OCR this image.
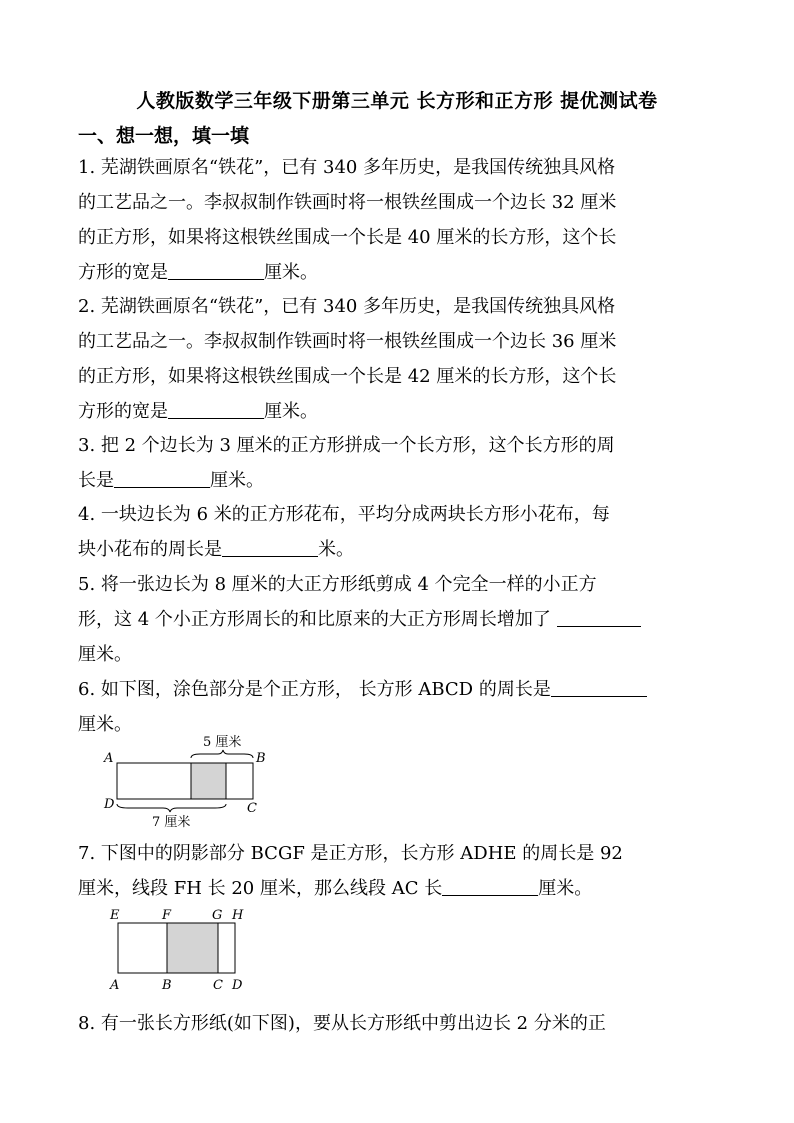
人教版数学三年级下册第三单元 长方形和正方形 提优测试卷
一、想一想，填一填
1. 芜湖铁画原名“铁花”，已有 340 多年历史，是我国传统独具风格
的工艺品之一。李叔叔制作铁画时将一根铁丝围成一个边长 32 厘米
的正方形，如果将这根铁丝围成一个长是 40 厘米的长方形，这个长
方形的宽是	厘米。
2. 芜湖铁画原名“铁花”，已有 340 多年历史，是我国传统独具风格
的工艺品之一。李叔叔制作铁画时将一根铁丝围成一个边长 36 厘米
的正方形，如果将这根铁丝围成一个长是 42 厘米的长方形，这个长
方形的宽是	厘米。
3. 把 2 个边长为 3 厘米的正方形拼成一个长方形，这个长方形的周
长是	厘米。
4. 一块边长为 6 米的正方形花布，平均分成两块长方形小花布，每
块小花布的周长是	米。
5. 将一张边长为 8 厘米的大正方形纸剪成 4 个完全一样的小正方
形，这 4 个小正方形周长的和比原来的大正方形周长增加了
厘米。
6. 如下图，涂色部分是个正方形， 长方形 ABCD 的周长是
厘米。
5 厘米
7 厘米
A	B
C
D
7. 下图中的阴影部分 BCGF 是正方形，长方形 ADHE 的周长是 92
厘米，线段 FH 长 20 厘米，那么线段 AC 长	厘米。
E	F	G H
A	B	C D
8. 有一张长方形纸(如下图)，要从长方形纸中剪出边长 2 分米的正
